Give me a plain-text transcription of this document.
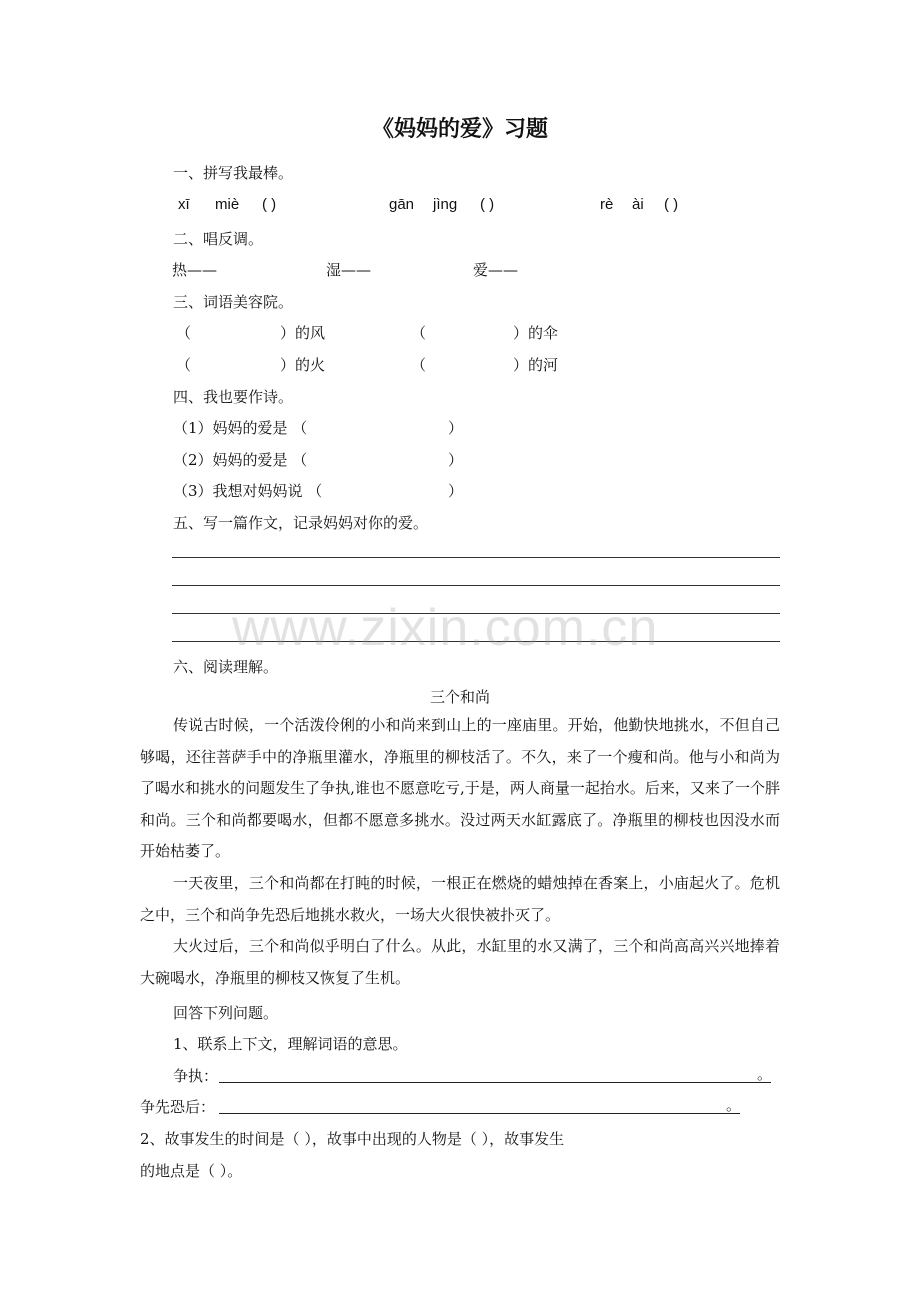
《妈妈的爱》习题
一、拼写我最棒。
xī miè ( )	gān jìng ( )	rè ài ( )
二、唱反调。
热——	湿——	爱——
三、词语美容院。
（	）的风	（	）的伞
（	）的火	（	）的河
四、我也要作诗。
（1）妈妈的爱是 （	）
（2）妈妈的爱是 （	）
（3）我想对妈妈说 （	）
五、写一篇作文，记录妈妈对你的爱。
www.zixin.com.cn
六、阅读理解。
三个和尚
传说古时候，一个活泼伶俐的小和尚来到山上的一座庙里。开始，他勤快地挑水，不但自己够喝，还往菩萨手中的净瓶里灌水，净瓶里的柳枝活了。不久，来了一个瘦和尚。他与小和尚为了喝水和挑水的问题发生了争执,谁也不愿意吃亏,于是，两人商量一起抬水。后来，又来了一个胖和尚。三个和尚都要喝水，但都不愿意多挑水。没过两天水缸露底了。净瓶里的柳枝也因没水而开始枯萎了。
一天夜里，三个和尚都在打盹的时候，一根正在燃烧的蜡烛掉在香案上，小庙起火了。危机之中，三个和尚争先恐后地挑水救火，一场大火很快被扑灭了。
大火过后，三个和尚似乎明白了什么。从此，水缸里的水又满了，三个和尚高高兴兴地捧着大碗喝水，净瓶里的柳枝又恢复了生机。
回答下列问题。
1、联系上下文，理解词语的意思。
争执：	。
争先恐后：	。
2、故事发生的时间是（ ），故事中出现的人物是（ ），故事发生
的地点是（ ）。
